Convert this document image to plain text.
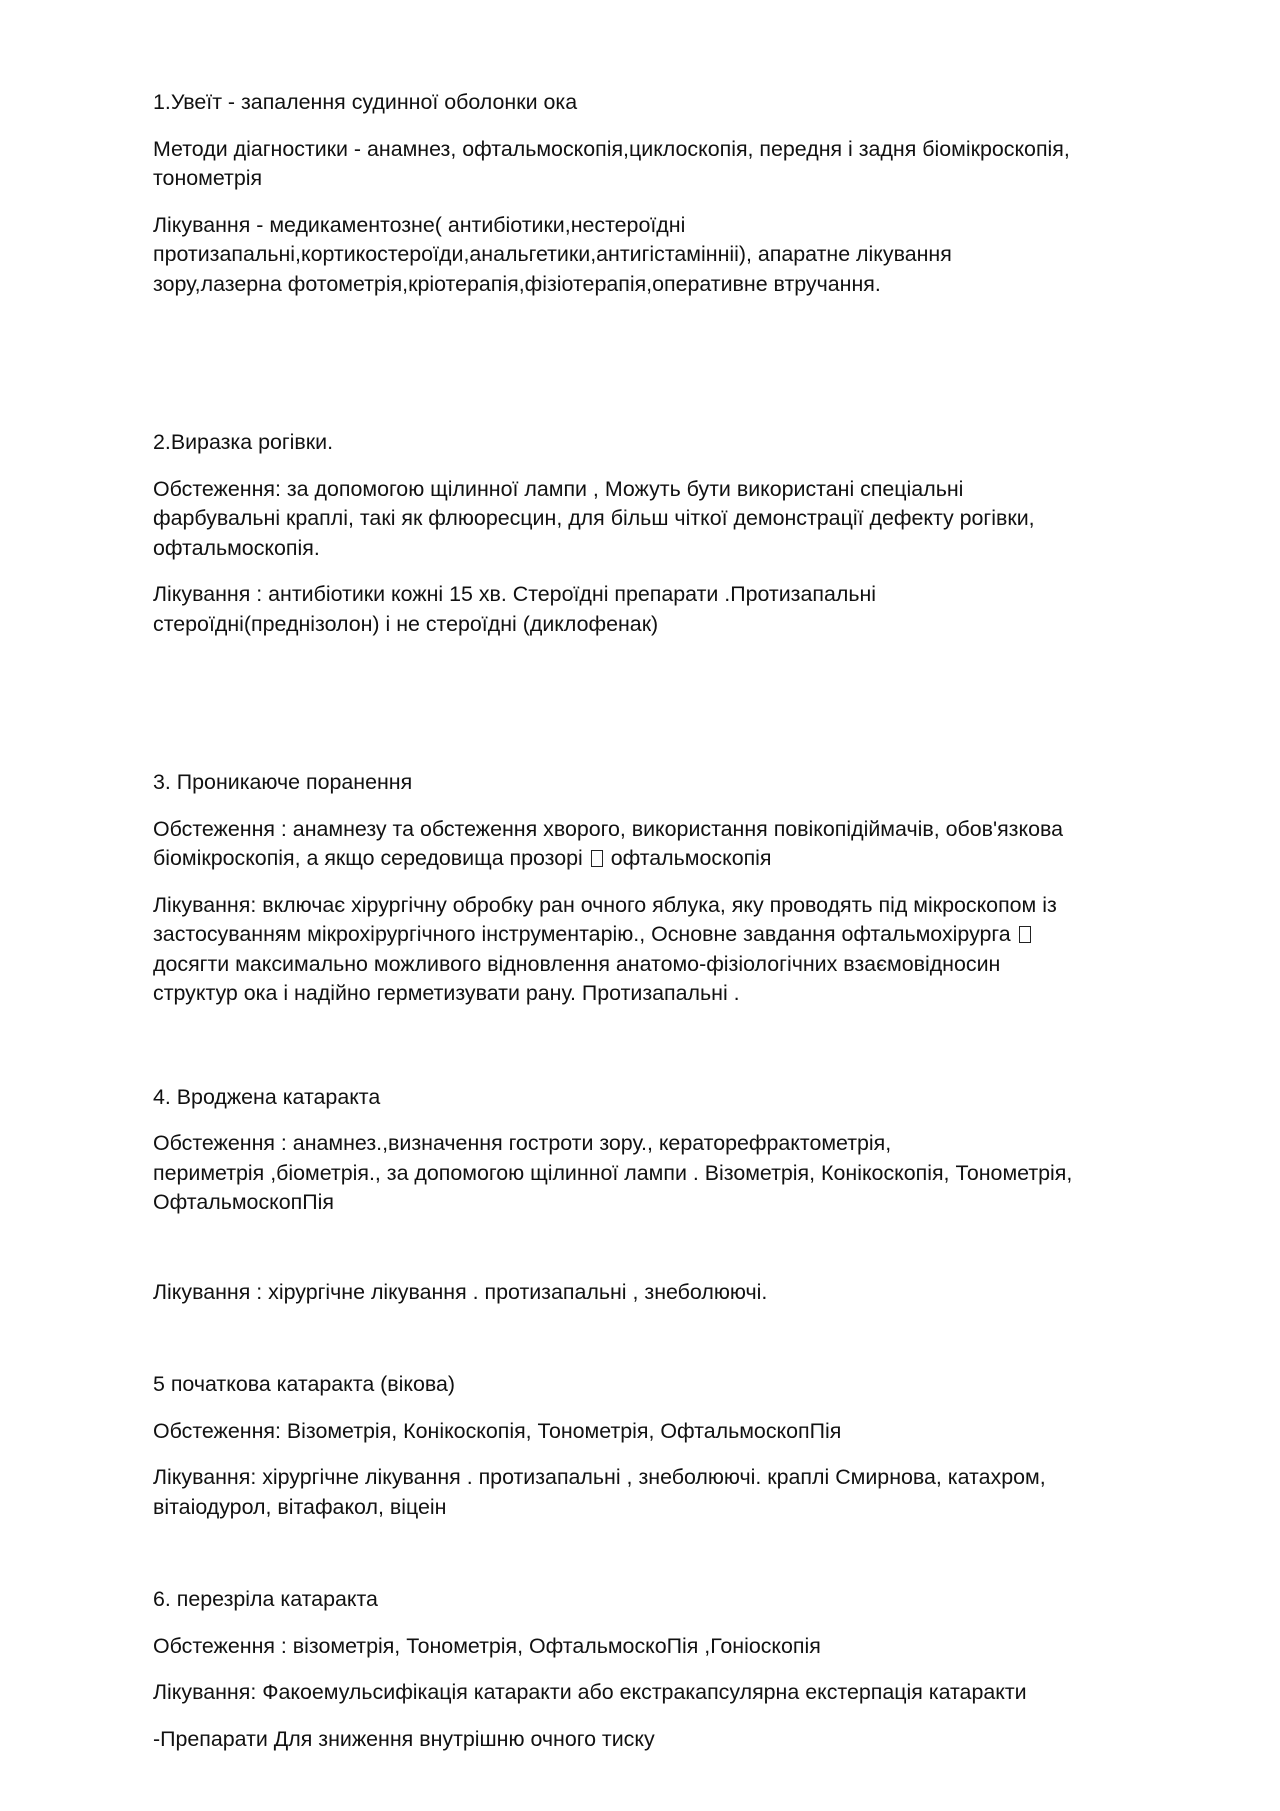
1.Увеїт - запалення судинної оболонки ока

Методи діагностики - анамнез, офтальмоскопія,циклоскопія, передня і задня біомікроскопія,

тонометрія

Лікування - медикаментозне( антибіотики,нестероїдні

протизапальні,кортикостероїди,анальгетики,антигістамінніі), апаратне лікування

зору,лазерна фотометрія,кріотерапія,фізіотерапія,оперативне втручання.

2.Виразка рогівки.

Обстеження: за допомогою щілинної лампи , Можуть бути використані спеціальні

фарбувальні краплі, такі як флюоресцин, для більш чіткої демонстрації дефекту рогівки,

офтальмоскопія.

Лікування : антибіотики кожні 15 хв. Стероїдні препарати .Протизапальні

стероїдні(преднізолон) і не стероїдні (диклофенак)

3. Проникаюче поранення

Обстеження : анамнезу та обстеження хворого, використання повікопідіймачів, обов'язкова

біомікроскопія, а якщо середовища прозорі офтальмоскопія

Лікування: включає хірургічну обробку ран очного яблука, яку проводять під мікроскопом із

застосуванням мікрохірургічного інструментарію., Основне завдання офтальмохірурга

досягти максимально можливого відновлення анатомо-фізіологічних взаємовідносин

структур ока і надійно герметизувати рану. Протизапальні .

4. Вроджена катаракта

Обстеження : анамнез.,визначення гостроти зору., кераторефрактометрія,

периметрія ,біометрія., за допомогою щілинної лампи . Візометрія, Конікоскопія, Тонометрія,

ОфтальмоскопПія

Лікування : хірургічне лікування . протизапальні , знеболюючі.

5 початкова катаракта (вікова)

Обстеження: Візометрія, Конікоскопія, Тонометрія, ОфтальмоскопПія

Лікування: хірургічне лікування . протизапальні , знеболюючі. краплі Смирнова, катахром,

вітаіодурол, вітафакол, віцеін

6. перезріла катаракта

Обстеження : візометрія, Тонометрія, ОфтальмоскоПія ,Гоніоскопія

Лікування: Факоемульсифікація катаракти або екстракапсулярна екстерпація катаракти

-Препарати Для зниження внутрішню очного тиску
